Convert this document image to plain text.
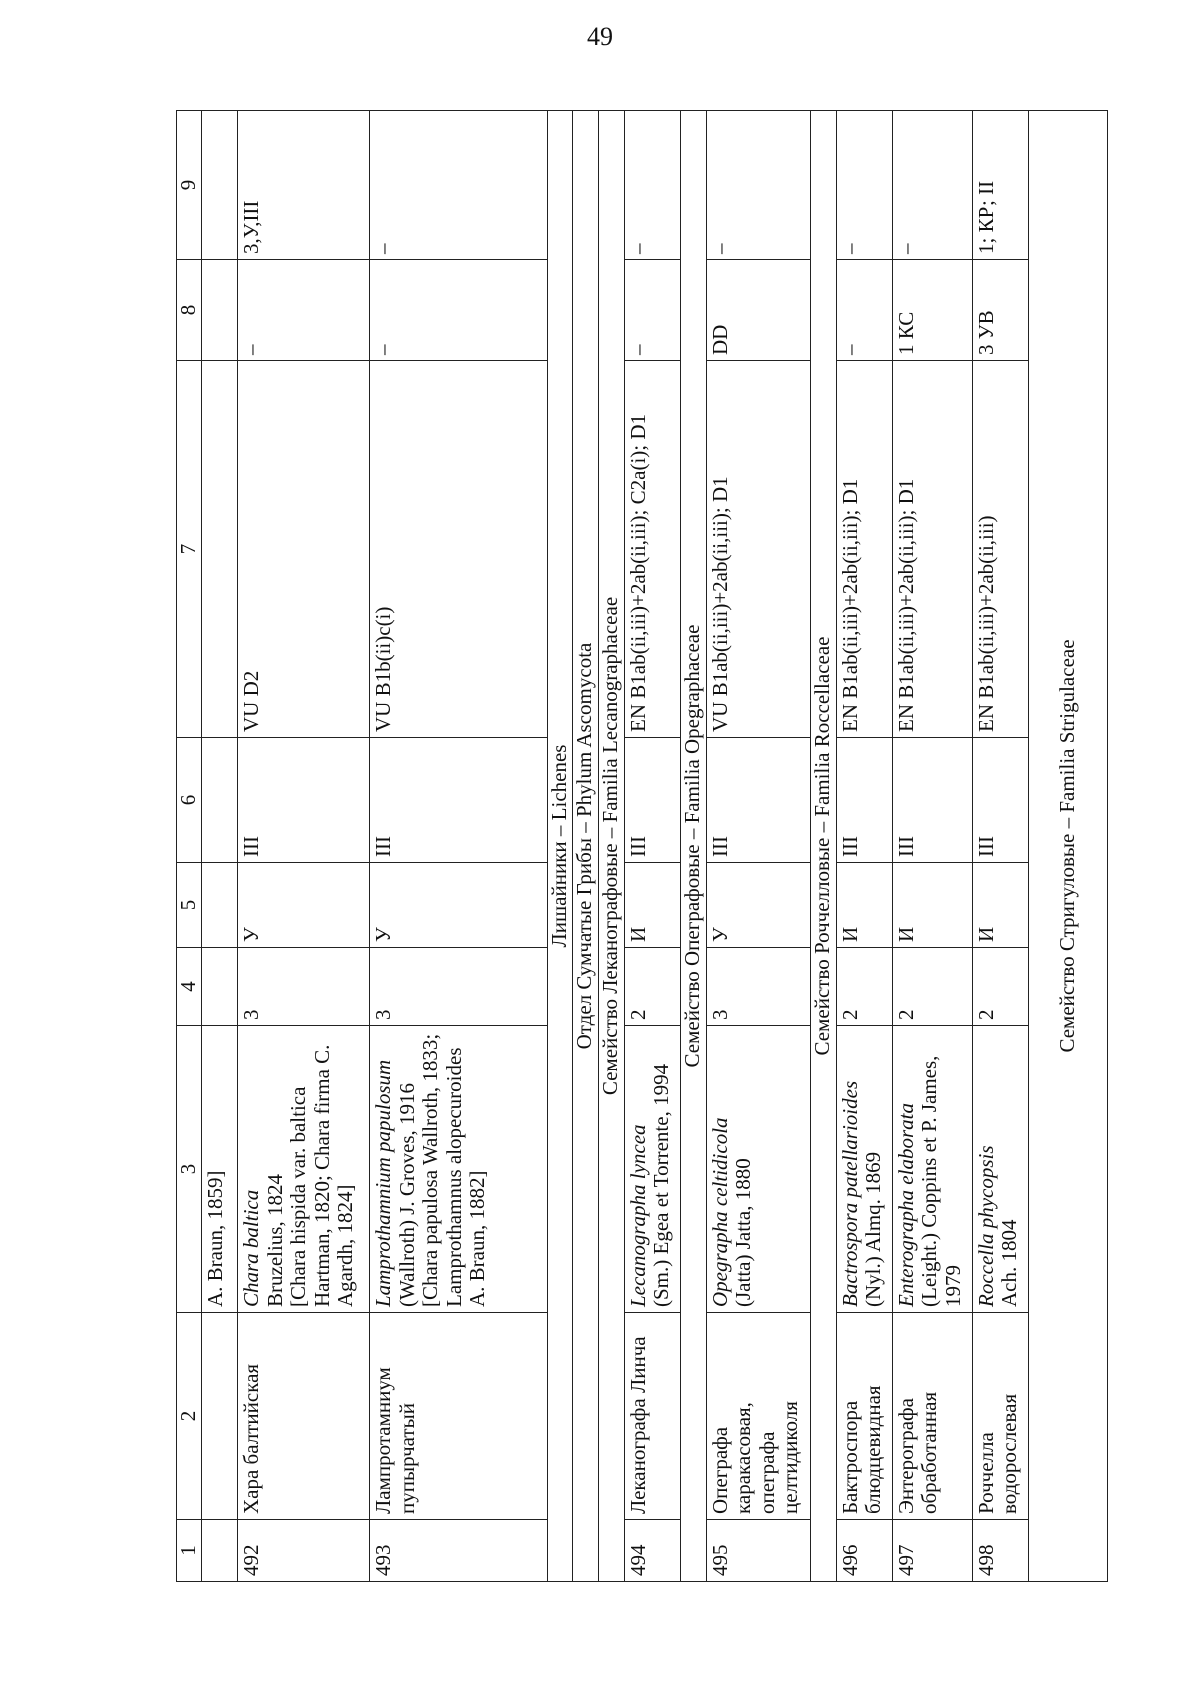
49
1	2	3	4	5	6	7	8	9
		A. Braun, 1859]						
492	Хара балтийская	Chara baltica
Bruzelius, 1824
[Chara hispida var. baltica Hartman, 1820; Chara firma C. Agardh, 1824]	3	У	III	VU D2	–	3,У,III
493	Лампротамниум пупырчатый	Lamprothamnium papulosum
(Wallroth) J. Groves, 1916
[Chara papulosa Wallroth, 1833; Lamprothamnus alopecuroides A. Braun, 1882]	3	У	III	VU B1b(ii)c(i)	–	–
Лишайники – Lichenes								
Отдел Сумчатые Грибы – Phylum Ascomycota								
Семейство Леканографовые – Familia Lecanographaceae								
494	Леканографа Линча	Lecanographa lyncea
(Sm.) Egea et Torrente, 1994	2	И	III	EN B1ab(ii,iii)+2ab(ii,iii); C2a(i); D1	–	–
Семейство Опеграфовые – Familia Opegraphaceae								
495	Опеграфа каракасовая, опеграфа целтидиколя	Opegrapha celtidicola
(Jatta) Jatta, 1880	3	У	III	VU B1ab(ii,iii)+2ab(ii,iii); D1	DD	–
Семейство Роччелловые – Familia Roccellaceae								
496	Бактроспора блюдцевидная	Bactrospora patellarioides
(Nyl.) Almq. 1869	2	И	III	EN B1ab(ii,iii)+2ab(ii,iii); D1	–	–
497	Энтерографа обработанная	Enterographa elaborata
(Leight.) Coppins et P. James, 1979	2	И	III	EN B1ab(ii,iii)+2ab(ii,iii); D1	1 КС	–
498	Роччелла водорослевая	Roccella phycopsis
Ach. 1804	2	И	III	EN B1ab(ii,iii)+2ab(ii,iii)	3 УВ	1; КР; II
Семейство Стригуловые – Familia Strigulaceae								
